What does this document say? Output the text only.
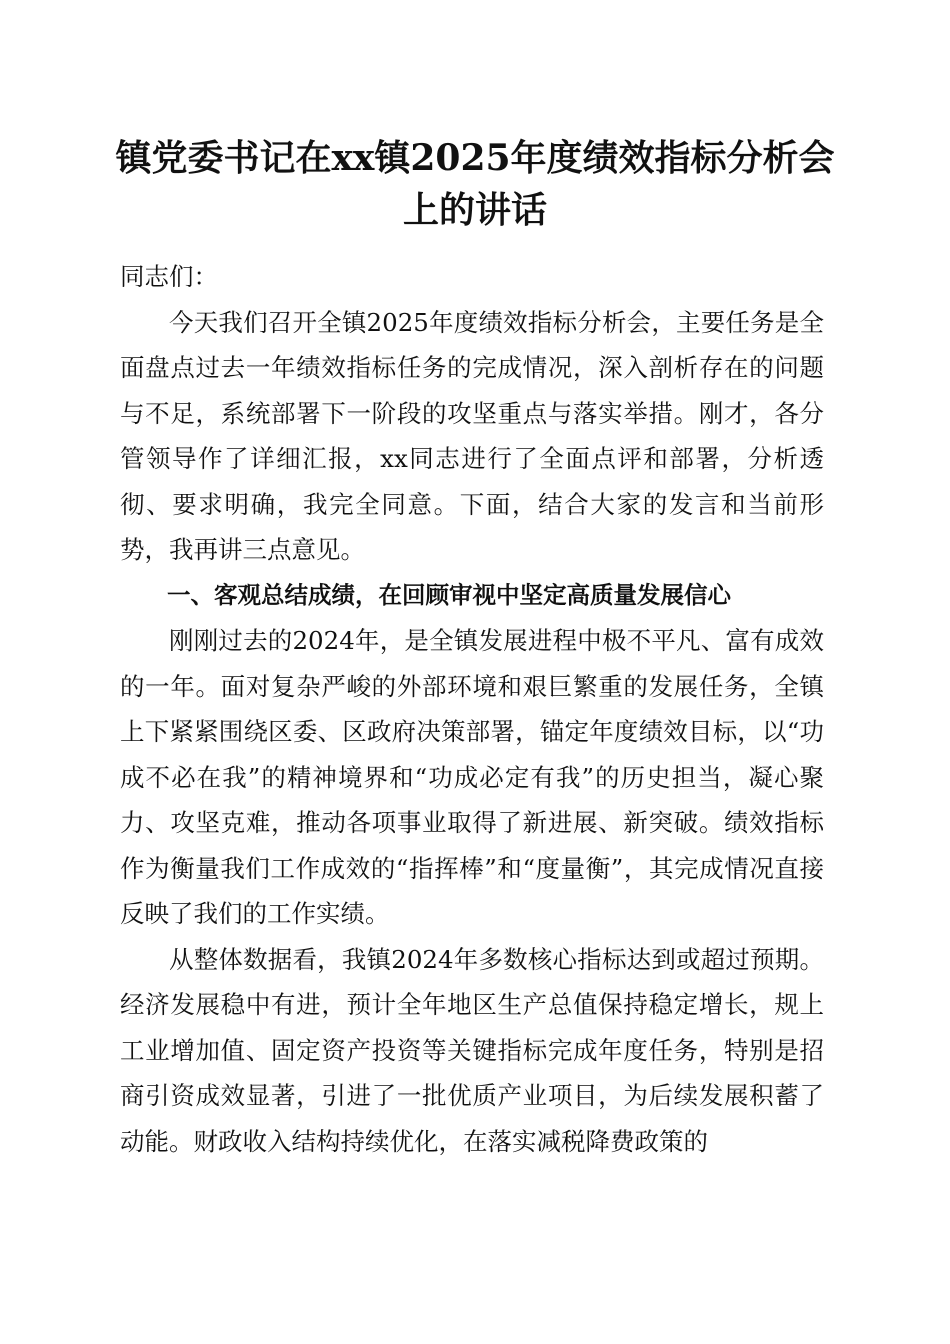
镇党委书记在xx镇2025年度绩效指标分析会上的讲话

同志们：

今天我们召开全镇2025年度绩效指标分析会，主要任务是全面盘点过去一年绩效指标任务的完成情况，深入剖析存在的问题与不足，系统部署下一阶段的攻坚重点与落实举措。刚才，各分管领导作了详细汇报，xx同志进行了全面点评和部署，分析透彻、要求明确，我完全同意。下面，结合大家的发言和当前形势，我再讲三点意见。

一、客观总结成绩，在回顾审视中坚定高质量发展信心

刚刚过去的2024年，是全镇发展进程中极不平凡、富有成效的一年。面对复杂严峻的外部环境和艰巨繁重的发展任务，全镇上下紧紧围绕区委、区政府决策部署，锚定年度绩效目标，以“功成不必在我”的精神境界和“功成必定有我”的历史担当，凝心聚力、攻坚克难，推动各项事业取得了新进展、新突破。绩效指标作为衡量我们工作成效的“指挥棒”和“度量衡”，其完成情况直接反映了我们的工作实绩。

从整体数据看，我镇2024年多数核心指标达到或超过预期。经济发展稳中有进，预计全年地区生产总值保持稳定增长，规上工业增加值、固定资产投资等关键指标完成年度任务，特别是招商引资成效显著，引进了一批优质产业项目，为后续发展积蓄了动能。财政收入结构持续优化，在落实减税降费政策的
